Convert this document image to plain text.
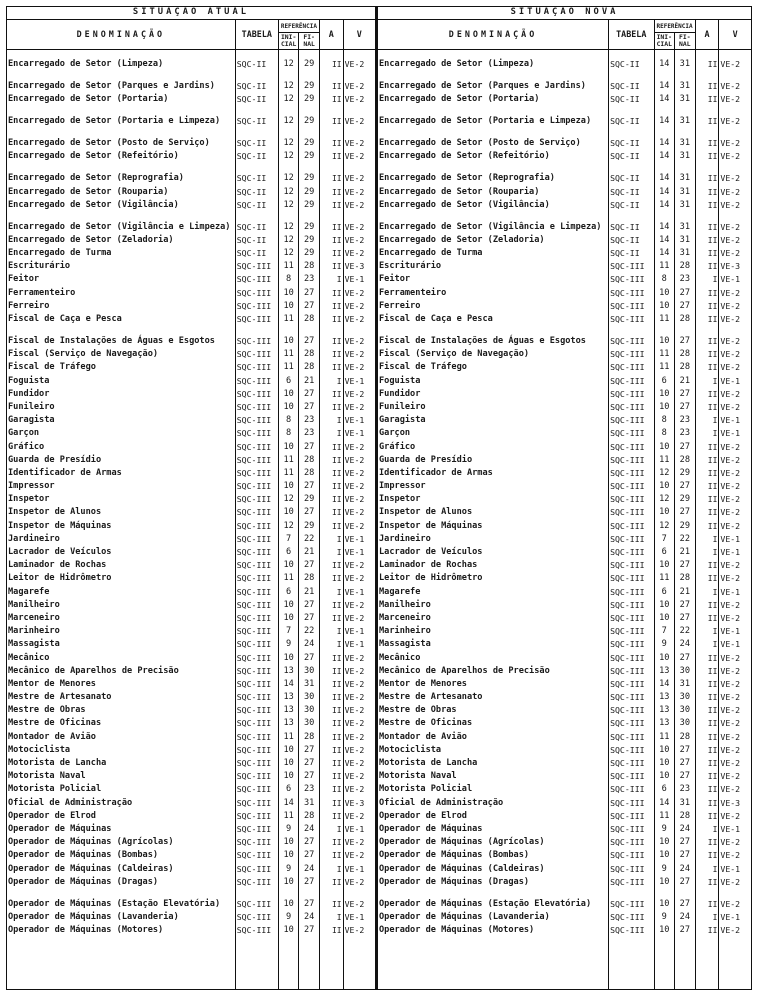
SITUAÇÃO ATUAL					
DENOMINAÇÃO	TABELA	REFERÊNCIA		A	V
		INI-CIAL	FI-NAL		

Encarregado de Setor (Limpeza)	SQC-II	12	29	II	VE-2
Encarregado de Setor (Parques e Jardins)	SQC-II	12	29	II	VE-2
Encarregado de Setor (Portaria)	SQC-II	12	29	II	VE-2
Encarregado de Setor (Portaria e Limpeza)	SQC-II	12	29	II	VE-2
Encarregado de Setor (Posto de Serviço)	SQC-II	12	29	II	VE-2
Encarregado de Setor (Refeitório)	SQC-II	12	29	II	VE-2
Encarregado de Setor (Reprografia)	SQC-II	12	29	II	VE-2
Encarregado de Setor (Rouparia)	SQC-II	12	29	II	VE-2
Encarregado de Setor (Vigilância)	SQC-II	12	29	II	VE-2
Encarregado de Setor (Vigilância e Limpeza)	SQC-II	12	29	II	VE-2
Encarregado de Setor (Zeladoria)	SQC-II	12	29	II	VE-2
Encarregado de Turma	SQC-II	12	29	II	VE-2
Escriturário	SQC-III	11	28	II	VE-3
Feitor	SQC-III	8	23	I	VE-1
Ferramenteiro	SQC-III	10	27	II	VE-2
Ferreiro	SQC-III	10	27	II	VE-2
Fiscal de Caça e Pesca	SQC-III	11	28	II	VE-2
Fiscal de Instalações de Águas e Esgotos	SQC-III	10	27	II	VE-2
Fiscal (Serviço de Navegação)	SQC-III	11	28	II	VE-2
Fiscal de Tráfego	SQC-III	11	28	II	VE-2
Foguista	SQC-III	6	21	I	VE-1
Fundidor	SQC-III	10	27	II	VE-2
Funileiro	SQC-III	10	27	II	VE-2
Garagista	SQC-III	8	23	I	VE-1
Garçon	SQC-III	8	23	I	VE-1
Gráfico	SQC-III	10	27	II	VE-2
Guarda de Presídio	SQC-III	11	28	II	VE-2
Identificador de Armas	SQC-III	11	28	II	VE-2
Impressor	SQC-III	10	27	II	VE-2
Inspetor	SQC-III	12	29	II	VE-2
Inspetor de Alunos	SQC-III	10	27	II	VE-2
Inspetor de Máquinas	SQC-III	12	29	II	VE-2
Jardineiro	SQC-III	7	22	I	VE-1
Lacrador de Veículos	SQC-III	6	21	I	VE-1
Laminador de Rochas	SQC-III	10	27	II	VE-2
Leitor de Hidrômetro	SQC-III	11	28	II	VE-2
Magarefe	SQC-III	6	21	I	VE-1
Manilheiro	SQC-III	10	27	II	VE-2
Marceneiro	SQC-III	10	27	II	VE-2
Marinheiro	SQC-III	7	22	I	VE-1
Massagista	SQC-III	9	24	I	VE-1
Mecânico	SQC-III	10	27	II	VE-2
Mecânico de Aparelhos de Precisão	SQC-III	13	30	II	VE-2
Mentor de Menores	SQC-III	14	31	II	VE-2
Mestre de Artesanato	SQC-III	13	30	II	VE-2
Mestre de Obras	SQC-III	13	30	II	VE-2
Mestre de Oficinas	SQC-III	13	30	II	VE-2
Montador de Avião	SQC-III	11	28	II	VE-2
Motociclista	SQC-III	10	27	II	VE-2
Motorista de Lancha	SQC-III	10	27	II	VE-2
Motorista Naval	SQC-III	10	27	II	VE-2
Motorista Policial	SQC-III	6	23	II	VE-2
Oficial de Administração	SQC-III	14	31	II	VE-3
Operador de Elrod	SQC-III	11	28	II	VE-2
Operador de Máquinas	SQC-III	9	24	I	VE-1
Operador de Máquinas (Agrícolas)	SQC-III	10	27	II	VE-2
Operador de Máquinas (Bombas)	SQC-III	10	27	II	VE-2
Operador de Máquinas (Caldeiras)	SQC-III	9	24	I	VE-1
Operador de Máquinas (Dragas)	SQC-III	10	27	II	VE-2
Operador de Máquinas (Estação Elevatória)	SQC-III	10	27	II	VE-2
Operador de Máquinas (Lavanderia)	SQC-III	9	24	I	VE-1
Operador de Máquinas (Motores)	SQC-III	10	27	II	VE-2

SITUAÇÃO NOVA					
DENOMINAÇÃO	TABELA	REFERÊNCIA		A	V
		INI-CIAL	FI-NAL		

Encarregado de Setor (Limpeza)	SQC-II	14	31	II	VE-2
Encarregado de Setor (Parques e Jardins)	SQC-II	14	31	II	VE-2
Encarregado de Setor (Portaria)	SQC-II	14	31	II	VE-2
Encarregado de Setor (Portaria e Limpeza)	SQC-II	14	31	II	VE-2
Encarregado de Setor (Posto de Serviço)	SQC-II	14	31	II	VE-2
Encarregado de Setor (Refeitório)	SQC-II	14	31	II	VE-2
Encarregado de Setor (Reprografia)	SQC-II	14	31	II	VE-2
Encarregado de Setor (Rouparia)	SQC-II	14	31	II	VE-2
Encarregado de Setor (Vigilância)	SQC-II	14	31	II	VE-2
Encarregado de Setor (Vigilância e Limpeza)	SQC-II	14	31	II	VE-2
Encarregado de Setor (Zeladoria)	SQC-II	14	31	II	VE-2
Encarregado de Turma	SQC-II	14	31	II	VE-2
Escriturário	SQC-III	11	28	II	VE-3
Feitor	SQC-III	8	23	I	VE-1
Ferramenteiro	SQC-III	10	27	II	VE-2
Ferreiro	SQC-III	10	27	II	VE-2
Fiscal de Caça e Pesca	SQC-III	11	28	II	VE-2
Fiscal de Instalações de Águas e Esgotos	SQC-III	10	27	II	VE-2
Fiscal (Serviço de Navegação)	SQC-III	11	28	II	VE-2
Fiscal de Tráfego	SQC-III	11	28	II	VE-2
Foguista	SQC-III	6	21	I	VE-1
Fundidor	SQC-III	10	27	II	VE-2
Funileiro	SQC-III	10	27	II	VE-2
Garagista	SQC-III	8	23	I	VE-1
Garçon	SQC-III	8	23	I	VE-1
Gráfico	SQC-III	10	27	II	VE-2
Guarda de Presídio	SQC-III	11	28	II	VE-2
Identificador de Armas	SQC-III	12	29	II	VE-2
Impressor	SQC-III	10	27	II	VE-2
Inspetor	SQC-III	12	29	II	VE-2
Inspetor de Alunos	SQC-III	10	27	II	VE-2
Inspetor de Máquinas	SQC-III	12	29	II	VE-2
Jardineiro	SQC-III	7	22	I	VE-1
Lacrador de Veículos	SQC-III	6	21	I	VE-1
Laminador de Rochas	SQC-III	10	27	II	VE-2
Leitor de Hidrômetro	SQC-III	11	28	II	VE-2
Magarefe	SQC-III	6	21	I	VE-1
Manilheiro	SQC-III	10	27	II	VE-2
Marceneiro	SQC-III	10	27	II	VE-2
Marinheiro	SQC-III	7	22	I	VE-1
Massagista	SQC-III	9	24	I	VE-1
Mecânico	SQC-III	10	27	II	VE-2
Mecânico de Aparelhos de Precisão	SQC-III	13	30	II	VE-2
Mentor de Menores	SQC-III	14	31	II	VE-2
Mestre de Artesanato	SQC-III	13	30	II	VE-2
Mestre de Obras	SQC-III	13	30	II	VE-2
Mestre de Oficinas	SQC-III	13	30	II	VE-2
Montador de Avião	SQC-III	11	28	II	VE-2
Motociclista	SQC-III	10	27	II	VE-2
Motorista de Lancha	SQC-III	10	27	II	VE-2
Motorista Naval	SQC-III	10	27	II	VE-2
Motorista Policial	SQC-III	6	23	II	VE-2
Oficial de Administração	SQC-III	14	31	II	VE-3
Operador de Elrod	SQC-III	11	28	II	VE-2
Operador de Máquinas	SQC-III	9	24	I	VE-1
Operador de Máquinas (Agrícolas)	SQC-III	10	27	II	VE-2
Operador de Máquinas (Bombas)	SQC-III	10	27	II	VE-2
Operador de Máquinas (Caldeiras)	SQC-III	9	24	I	VE-1
Operador de Máquinas (Dragas)	SQC-III	10	27	II	VE-2
Operador de Máquinas (Estação Elevatória)	SQC-III	10	27	II	VE-2
Operador de Máquinas (Lavanderia)	SQC-III	9	24	I	VE-1
Operador de Máquinas (Motores)	SQC-III	10	27	II	VE-2
